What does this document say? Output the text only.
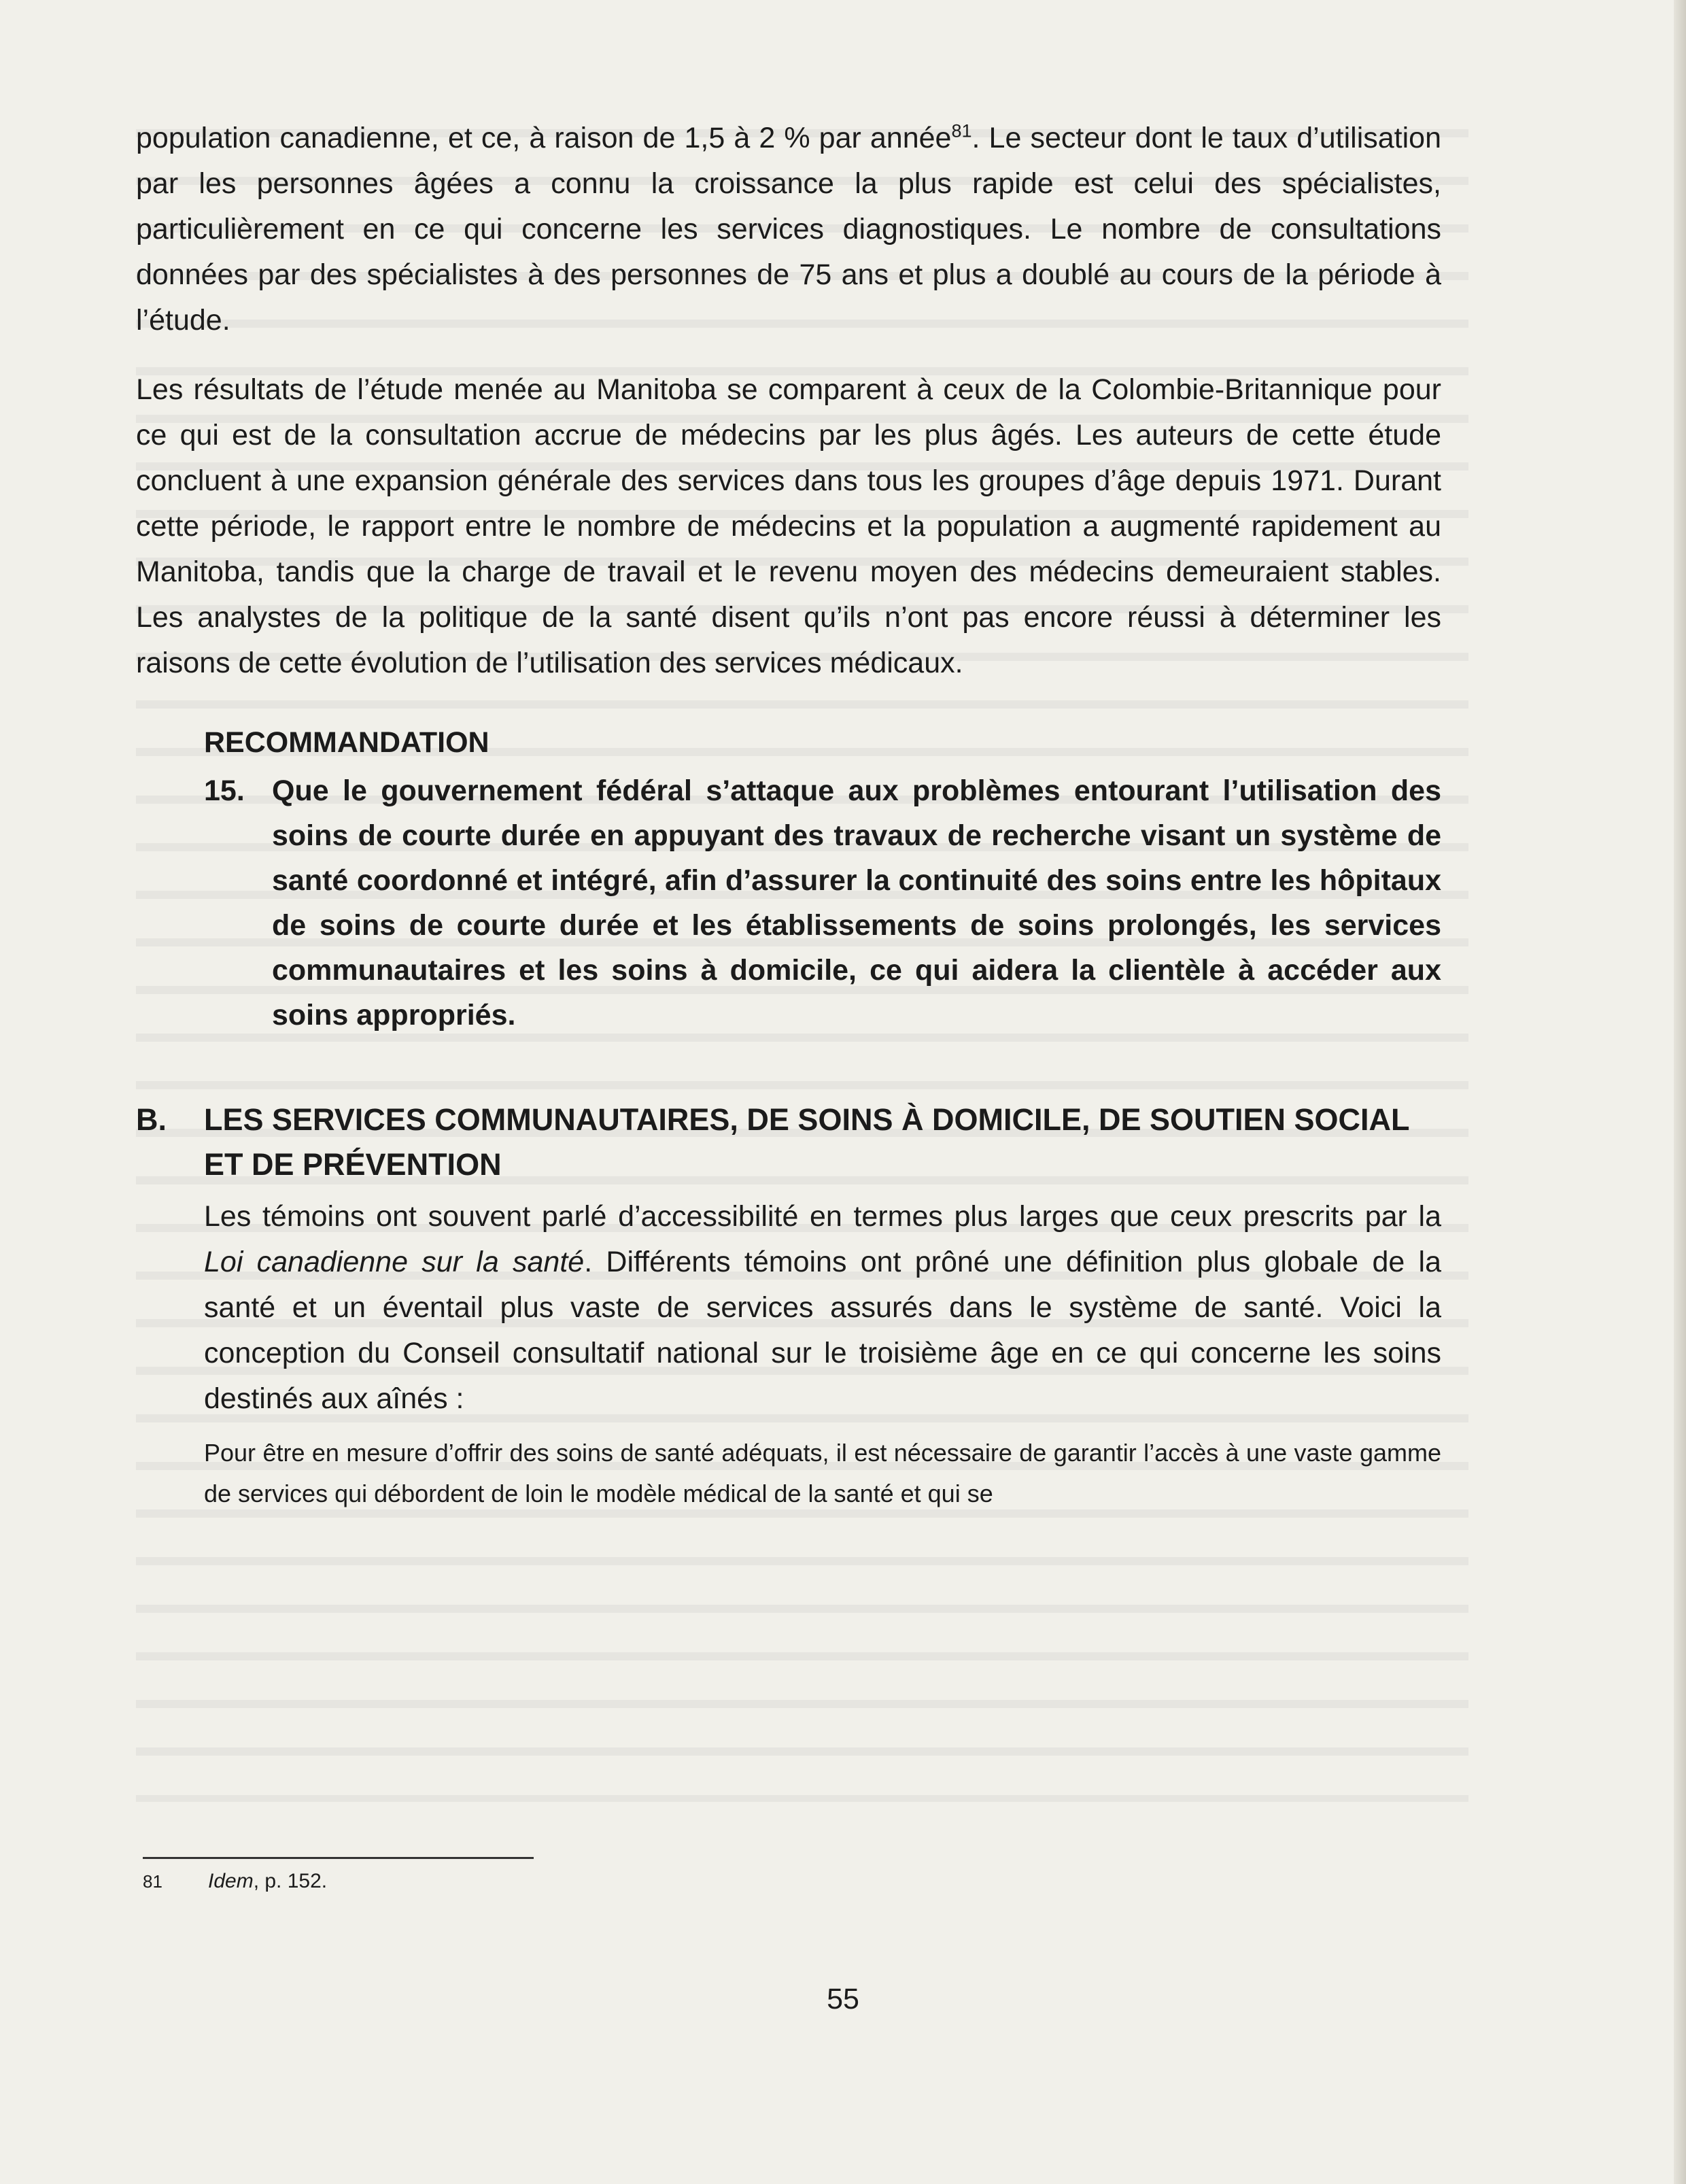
population canadienne, et ce, à raison de 1,5 à 2 % par année$^{81}$. Le secteur dont le taux d’utilisation par les personnes âgées a connu la croissance la plus rapide est celui des spécialistes, particulièrement en ce qui concerne les services diagnostiques. Le nombre de consultations données par des spécialistes à des personnes de 75 ans et plus a doublé au cours de la période à l’étude.

Les résultats de l’étude menée au Manitoba se comparent à ceux de la Colombie-Britannique pour ce qui est de la consultation accrue de médecins par les plus âgés. Les auteurs de cette étude concluent à une expansion générale des services dans tous les groupes d’âge depuis 1971. Durant cette période, le rapport entre le nombre de médecins et la population a augmenté rapidement au Manitoba, tandis que la charge de travail et le revenu moyen des médecins demeuraient stables. Les analystes de la politique de la santé disent qu’ils n’ont pas encore réussi à déterminer les raisons de cette évolution de l’utilisation des services médicaux.

RECOMMANDATION
15. Que le gouvernement fédéral s’attaque aux problèmes entourant l’utilisation des soins de courte durée en appuyant des travaux de recherche visant un système de santé coordonné et intégré, afin d’assurer la continuité des soins entre les hôpitaux de soins de courte durée et les établissements de soins prolongés, les services communautaires et les soins à domicile, ce qui aidera la clientèle à accéder aux soins appropriés.
B.	LES SERVICES COMMUNAUTAIRES, DE SOINS À DOMICILE, DE SOUTIEN SOCIAL ET DE PRÉVENTION

Les témoins ont souvent parlé d’accessibilité en termes plus larges que ceux prescrits par la Loi canadienne sur la santé. Différents témoins ont prôné une définition plus globale de la santé et un éventail plus vaste de services assurés dans le système de santé. Voici la conception du Conseil consultatif national sur le troisième âge en ce qui concerne les soins destinés aux aînés :

Pour être en mesure d’offrir des soins de santé adéquats, il est nécessaire de garantir l’accès à une vaste gamme de services qui débordent de loin le modèle médical de la santé et qui se

81	Idem, p. 152.
55
